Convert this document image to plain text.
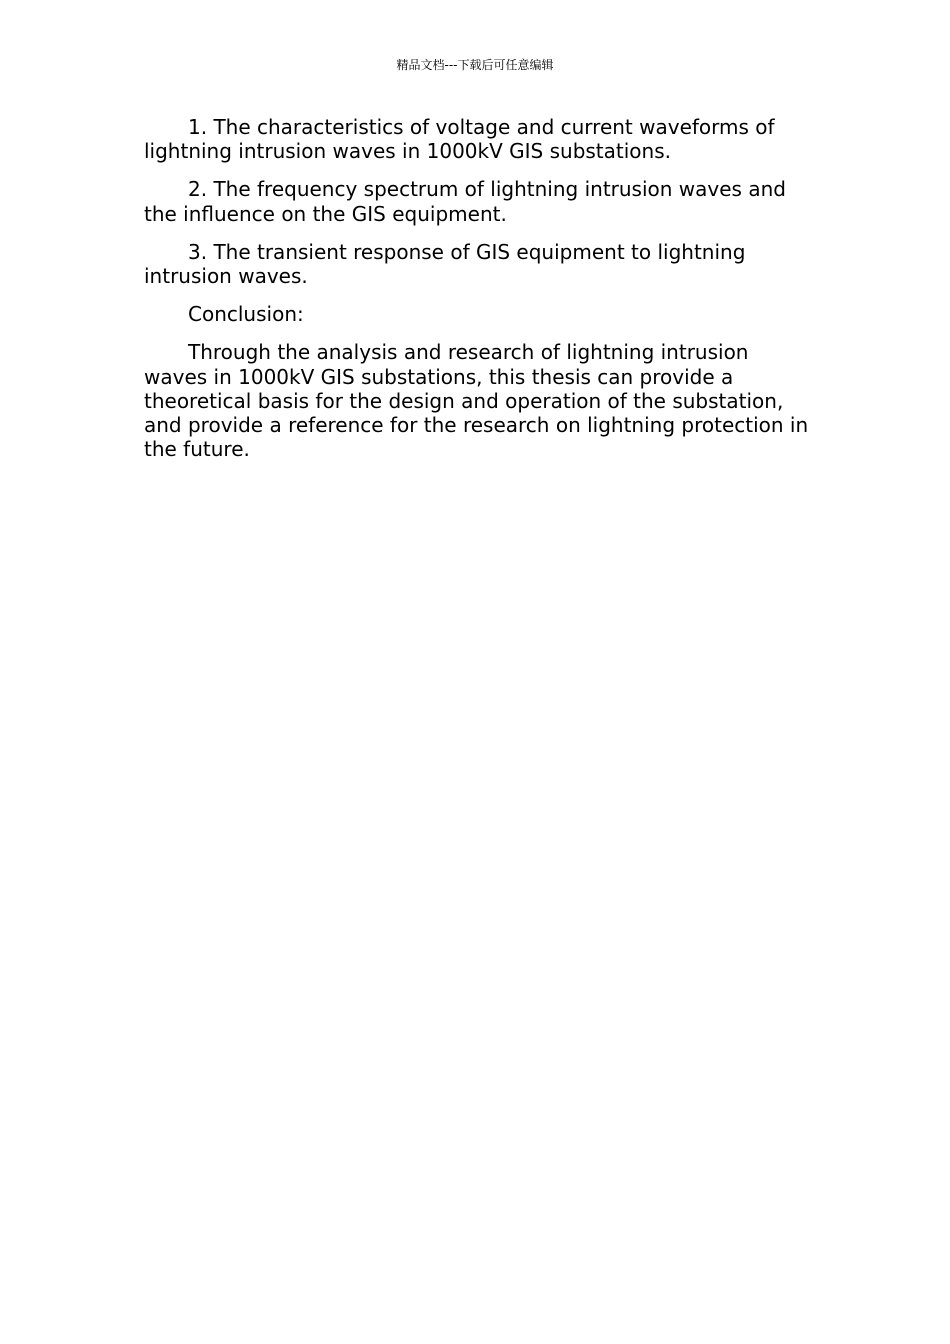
精品文档---下载后可任意编辑

1. The characteristics of voltage and current waveforms of lightning intrusion waves in 1000kV GIS substations.

2. The frequency spectrum of lightning intrusion waves and the influence on the GIS equipment.

3. The transient response of GIS equipment to lightning intrusion waves.

Conclusion:

Through the analysis and research of lightning intrusion waves in 1000kV GIS substations, this thesis can provide a theoretical basis for the design and operation of the substation, and provide a reference for the research on lightning protection in the future.
